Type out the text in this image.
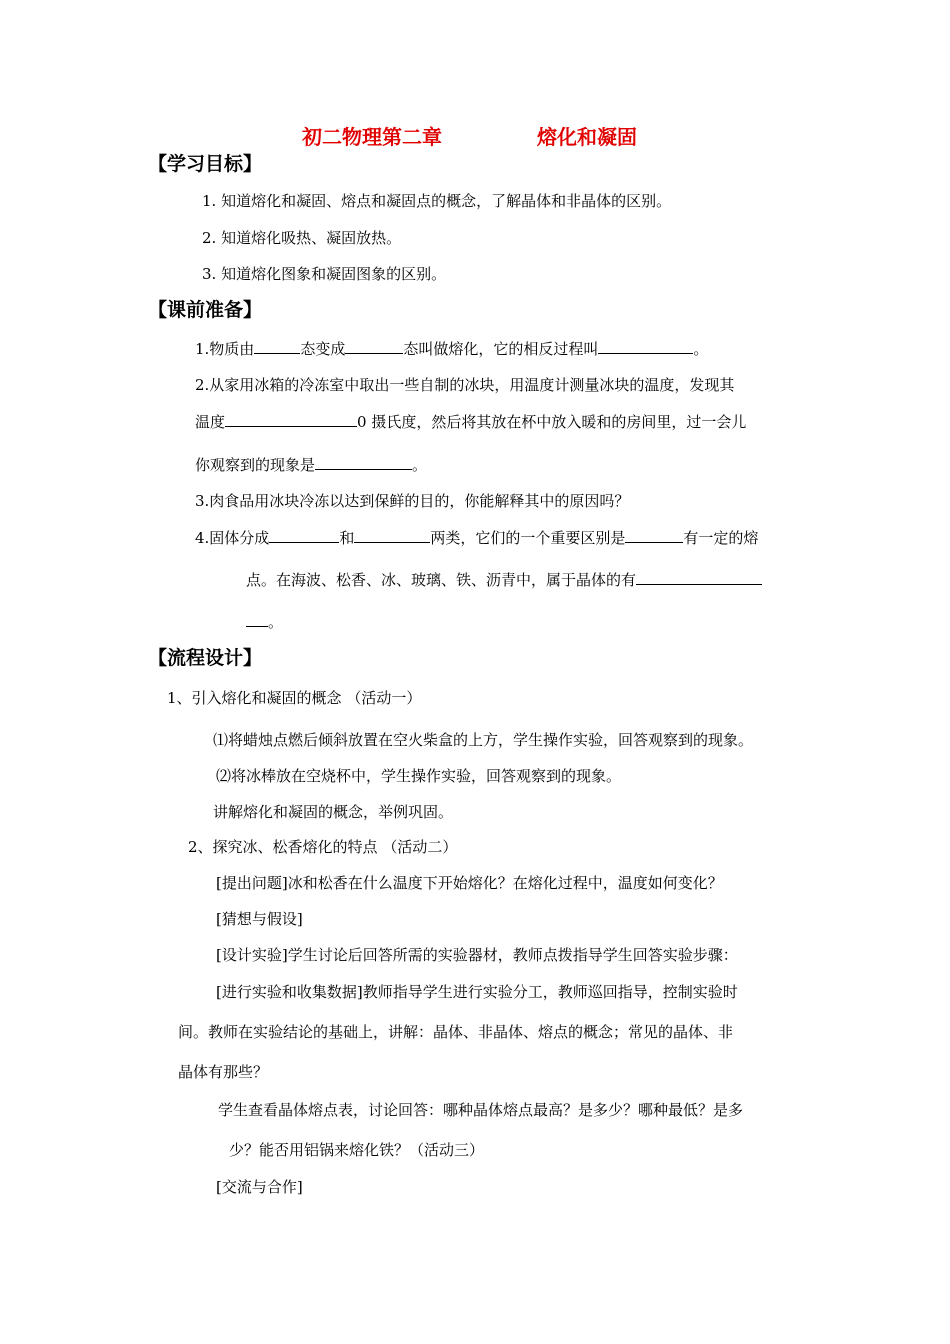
初二物理第二章	熔化和凝固
【学习目标】
1. 知道熔化和凝固、熔点和凝固点的概念，了解晶体和非晶体的区别。
2. 知道熔化吸热、凝固放热。
3. 知道熔化图象和凝固图象的区别。
【课前准备】
1.物质由	态变成	态叫做熔化，它的相反过程叫	。
2.从家用冰箱的冷冻室中取出一些自制的冰块，用温度计测量冰块的温度，发现其
温度	0 摄氏度，然后将其放在杯中放入暖和的房间里，过一会儿
你观察到的现象是	。
3.肉食品用冰块冷冻以达到保鲜的目的，你能解释其中的原因吗？
4.固体分成	和	两类，它们的一个重要区别是	有一定的熔
点。在海波、松香、冰、玻璃、铁、沥青中，属于晶体的有
。
【流程设计】
1、引入熔化和凝固的概念 （活动一）
⑴将蜡烛点燃后倾斜放置在空火柴盒的上方，学生操作实验，回答观察到的现象。
⑵将冰棒放在空烧杯中，学生操作实验，回答观察到的现象。
讲解熔化和凝固的概念，举例巩固。
2、探究冰、松香熔化的特点 （活动二）
[提出问题]冰和松香在什么温度下开始熔化？在熔化过程中，温度如何变化？
[猜想与假设]
[设计实验]学生讨论后回答所需的实验器材，教师点拨指导学生回答实验步骤：
[进行实验和收集数据]教师指导学生进行实验分工，教师巡回指导，控制实验时
间。教师在实验结论的基础上，讲解：晶体、非晶体、熔点的概念；常见的晶体、非
晶体有那些？
学生查看晶体熔点表，讨论回答：哪种晶体熔点最高？是多少？哪种最低？是多
少？能否用铝锅来熔化铁？（活动三）
[交流与合作]
